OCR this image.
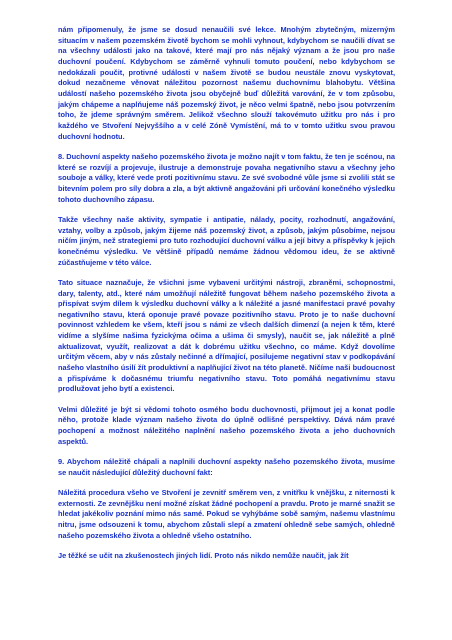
nám připomenuly, že jsme se dosud nenaučili své lekce. Mnohým zbytečným, mizerným situacím v našem pozemském životě bychom se mohli vyhnout, kdybychom se naučili dívat se na všechny události jako na takové, které mají pro nás nějaký význam a že jsou pro naše duchovní poučení. Kdybychom se záměrně vyhnuli tomuto poučení, nebo kdybychom se nedokázali poučit, protivné události v našem životě se budou neustále znovu vyskytovat, dokud nezačneme věnovat náležitou pozornost našemu duchovnímu blahobytu. Většina událostí našeho pozemského života jsou obyčejně buď důležitá varování, že v tom způsobu, jakým chápeme a naplňujeme náš pozemský život, je něco velmi špatně, nebo jsou potvrzením toho, že jdeme správným směrem. Jelikož všechno slouží takovémuto užitku pro nás i pro každého ve Stvoření Nejvyššího a v celé Zóně Vymístění, má to v tomto užitku svou pravou duchovní hodnotu.

8. Duchovní aspekty našeho pozemského života je možno najít v tom faktu, že ten je scénou, na které se rozvíjí a projevuje, ilustruje a demonstruje povaha negativního stavu a všechny jeho souboje a války, které vede proti pozitivnímu stavu. Ze své svobodné vůle jsme si zvolili stát se bitevním polem pro síly dobra a zla, a být aktivně angažováni při určování konečného výsledku tohoto duchovního zápasu.

Takže všechny naše aktivity, sympatie i antipatie, nálady, pocity, rozhodnutí, angažování, vztahy, volby a způsob, jakým žijeme náš pozemský život, a způsob, jakým působíme, nejsou ničím jiným, než strategiemi pro tuto rozhodující duchovní válku a její bitvy a příspěvky k jejich konečnému výsledku. Ve většině případů nemáme žádnou vědomou ideu, že se aktivně zúčastňujeme v této válce.

Tato situace naznačuje, že všichni jsme vybaveni určitými nástroji, zbraněmi, schopnostmi, dary, talenty, atd., které nám umožňují náležitě fungovat během našeho pozemského života a přispívat svým dílem k výsledku duchovní války a k náležité a jasné manifestaci pravé povahy negativního stavu, která oponuje pravé povaze pozitivního stavu. Proto je to naše duchovní povinnost vzhledem ke všem, kteří jsou s námi ze všech dalších dimenzí (a nejen k těm, které vidíme a slyšíme našima fyzickýma očima a ušima či smysly), naučit se, jak náležitě a plně aktualizovat, využít, realizovat a dát k dobrému užitku všechno, co máme. Když dovolíme určitým věcem, aby v nás zůstaly nečinné a dřímající, posilujeme negativní stav v podkopávání našeho vlastního úsilí žít produktivní a naplňující život na této planetě. Ničíme naši budoucnost a přispíváme k dočasnému triumfu negativního stavu. Toto pomáhá negativnímu stavu prodlužovat jeho bytí a existenci.

Velmi důležité je být si vědomi tohoto osmého bodu duchovnosti, přijmout jej a konat podle něho, protože klade význam našeho života do úplně odlišné perspektivy. Dává nám pravé pochopení a možnost náležitého naplnění našeho pozemského života a jeho duchovních aspektů.

9. Abychom náležitě chápali a naplnili duchovní aspekty našeho pozemského života, musíme se naučit následující důležitý duchovní fakt:

Náležitá procedura všeho ve Stvoření je zevnitř směrem ven, z vnitřku k vnějšku, z niternosti k externosti. Ze zevnějšku není možné získat žádné pochopení a pravdu. Proto je marné snažit se hledat jakékoliv poznání mimo nás samé. Pokud se vyhýbáme sobě samým, našemu vlastnímu nitru, jsme odsouzeni k tomu, abychom zůstali slepí a zmatení ohledně sebe samých, ohledně našeho pozemského života a ohledně všeho ostatního.

Je těžké se učit na zkušenostech jiných lidí. Proto nás nikdo nemůže naučit, jak žít
